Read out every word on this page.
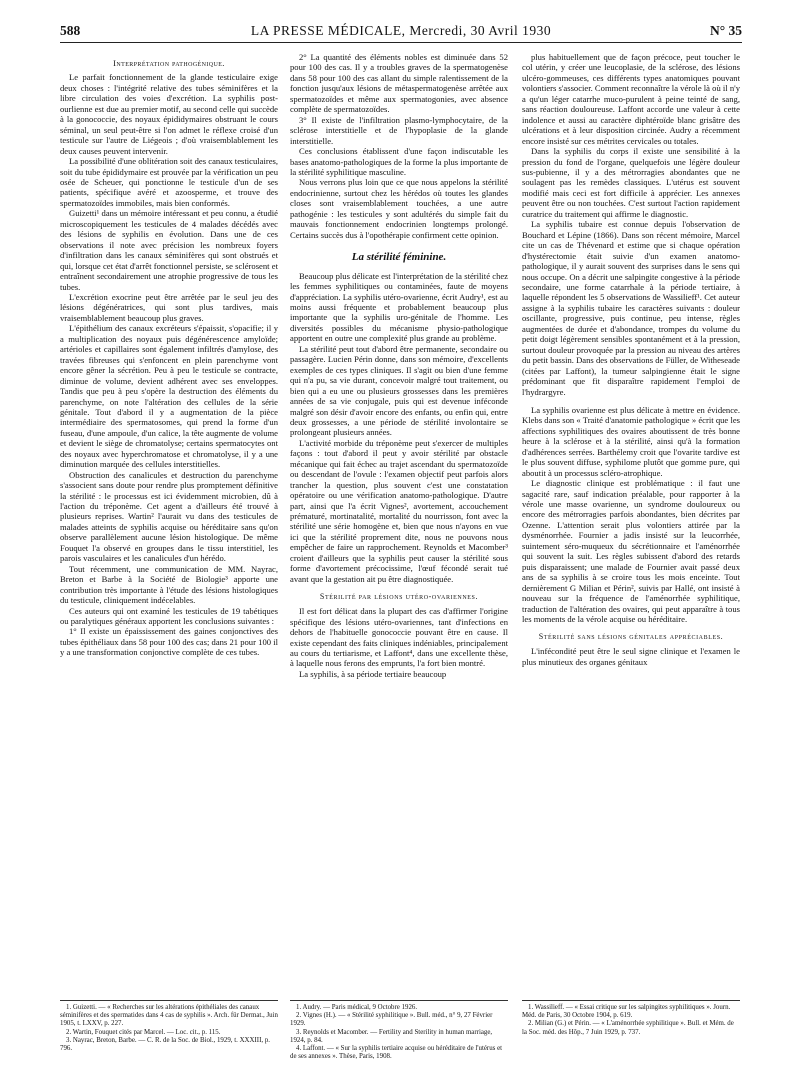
588	LA PRESSE MÉDICALE, Mercredi, 30 Avril 1930	N° 35
Interprétation pathogénique.

Le parfait fonctionnement de la glande testiculaire exige deux choses : l'intégrité relative des tubes séminifères et la libre circulation des voies d'excrétion. La syphilis post-ourlienne est due au premier motif, au second celle qui succède à la gonococcie, des noyaux épididymaires obstruant le cours séminal, un seul peut-être si l'on admet le réflexe croisé d'un testicule sur l'autre de Liégeois ; d'où vraisemblablement les deux causes peuvent intervenir.

La possibilité d'une oblitération soit des canaux testiculaires, soit du tube épididymaire est prouvée par la vérification un peu osée de Scheuer, qui ponctionne le testicule d'un de ses patients, spécifique avéré et azoosperme, et trouve des spermatozoïdes immobiles, mais bien conformés.

Guizetti¹ dans un mémoire intéressant et peu connu, a étudié microscopiquement les testicules de 4 malades décédés avec des lésions de syphilis en évolution. Dans une de ces observations il note avec précision les nombreux foyers d'infiltration dans les canaux séminifères qui sont obstrués et qui, lorsque cet état d'arrêt fonctionnel persiste, se sclérosent et entraînent secondairement une atrophie progressive de tous les tubes.

L'excrétion exocrine peut être arrêtée par le seul jeu des lésions dégénératrices, qui sont plus tardives, mais vraisemblablement beaucoup plus graves.

L'épithélium des canaux excréteurs s'épaissit, s'opacifie; il y a multiplication des noyaux puis dégénérescence amyloïde; artérioles et capillaires sont également infiltrés d'amylose, des travées fibreuses qui s'enfoncent en plein parenchyme vont encore gêner la sécrétion. Peu à peu le testicule se contracte, diminue de volume, devient adhérent avec ses enveloppes. Tandis que peu à peu s'opère la destruction des éléments du parenchyme, on note l'altération des cellules de la série génitale. Tout d'abord il y a augmentation de la pièce intermédiaire des spermatosomes, qui prend la forme d'un fuseau, d'une ampoule, d'un calice, la tête augmente de volume et devient le siège de chromatolyse; certains spermatocytes ont des noyaux avec hyperchromatose et chromatolyse, il y a une diminution marquée des cellules interstitielles.

Obstruction des canalicules et destruction du parenchyme s'associent sans doute pour rendre plus promptement définitive la stérilité : le processus est ici évidemment microbien, dû à l'action du tréponème. Cet agent a d'ailleurs été trouvé à plusieurs reprises. Wartin² l'aurait vu dans des testicules de malades atteints de syphilis acquise ou héréditaire sans qu'on observe parallèlement aucune lésion histologique. De même Fouquet l'a observé en groupes dans le tissu interstitiel, les parois vasculaires et les canalicules d'un hérédo.

Tout récemment, une communication de MM. Nayrac, Breton et Barbe à la Société de Biologie³ apporte une contribution très importante à l'étude des lésions histologiques du testicule, cliniquement indécelables.

Ces auteurs qui ont examiné les testicules de 19 tabétiques ou paralytiques généraux apportent les conclusions suivantes :

1° Il existe un épaississement des gaines conjonctives des tubes épithéliaux dans 58 pour 100 des cas; dans 21 pour 100 il y a une transformation conjonctive complète de ces tubes.

2° La quantité des éléments nobles est diminuée dans 52 pour 100 des cas. Il y a troubles graves de la spermatogenèse dans 58 pour 100 des cas allant du simple ralentissement de la fonction jusqu'aux lésions de métaspermatogenèse arrêtée aux spermatozoïdes et même aux spermatogonies, avec absence complète de spermatozoïdes.

3° Il existe de l'infiltration plasmo-lymphocytaire, de la sclérose interstitielle et de l'hypoplasie de la glande interstitielle.

Ces conclusions établissent d'une façon indiscutable les bases anatomo-pathologiques de la forme la plus importante de la stérilité syphilitique masculine.

Nous verrons plus loin que ce que nous appelons la stérilité endocrinienne, surtout chez les hérédos où toutes les glandes closes sont vraisemblablement touchées, a une autre pathogénie : les testicules y sont adultérés du simple fait du mauvais fonctionnement endocrinien longtemps prolongé. Certains succès dus à l'opothérapie confirment cette opinion.

La stérilité féminine.

Beaucoup plus délicate est l'interprétation de la stérilité chez les femmes syphilitiques ou contaminées, faute de moyens d'appréciation. La syphilis utéro-ovarienne, écrit Audry¹, est au moins aussi fréquente et probablement beaucoup plus importante que la syphilis uro-génitale de l'homme. Les diversités possibles du mécanisme physio-pathologique apportent en outre une complexité plus grande au problème.

La stérilité peut tout d'abord être permanente, secondaire ou passagère. Lucien Périn donne, dans son mémoire, d'excellents exemples de ces types cliniques. Il s'agit ou bien d'une femme qui n'a pu, sa vie durant, concevoir malgré tout traitement, ou bien qui a eu une ou plusieurs grossesses dans les premières années de sa vie conjugale, puis qui est devenue inféconde malgré son désir d'avoir encore des enfants, ou enfin qui, entre deux grossesses, a une période de stérilité involontaire se prolongeant plusieurs années.

L'activité morbide du tréponème peut s'exercer de multiples façons : tout d'abord il peut y avoir stérilité par obstacle mécanique qui fait échec au trajet ascendant du spermatozoïde ou descendant de l'ovule : l'examen objectif peut parfois alors trancher la question, plus souvent c'est une constatation opératoire ou une vérification anatomo-pathologique. D'autre part, ainsi que l'a écrit Vignes², avortement, accouchement prématuré, mortinatalité, mortalité du nourrisson, font avec la stérilité une série homogène et, bien que nous n'ayons en vue ici que la stérilité proprement dite, nous ne pouvons nous empêcher de faire un rapprochement. Reynolds et Macomber³ croient d'ailleurs que la syphilis peut causer la stérilité sous forme d'avortement précocissime, l'œuf fécondé serait tué avant que la gestation ait pu être diagnostiquée.

Stérilité par lésions utéro-ovariennes.

Il est fort délicat dans la plupart des cas d'affirmer l'origine spécifique des lésions utéro-ovariennes, tant d'infections en dehors de l'habituelle gonococcie pouvant être en cause. Il existe cependant des faits cliniques indéniables, principalement au cours du tertiarisme, et Laffont⁴, dans une excellente thèse, à laquelle nous ferons des emprunts, l'a fort bien montré.

La syphilis, à sa période tertiaire beaucoup

plus habituellement que de façon précoce, peut toucher le col utérin, y créer une leucoplasie, de la sclérose, des lésions ulcéro-gommeuses, ces différents types anatomiques pouvant volontiers s'associer. Comment reconnaître la vérole là où il n'y a qu'un léger catarrhe muco-purulent à peine teinté de sang, sans réaction douloureuse. Laffont accorde une valeur à cette indolence et aussi au caractère diphtéroïde blanc grisâtre des ulcérations et à leur disposition circinée. Audry a récemment encore insisté sur ces métrites cervicales ou totales.

Dans la syphilis du corps il existe une sensibilité à la pression du fond de l'organe, quelquefois une légère douleur sus-pubienne, il y a des métrorragies abondantes que ne soulagent pas les remèdes classiques. L'utérus est souvent modifié mais ceci est fort difficile à apprécier. Les annexes peuvent être ou non touchées. C'est surtout l'action rapidement curatrice du traitement qui affirme le diagnostic.

La syphilis tubaire est connue depuis l'observation de Bouchard et Lépine (1866). Dans son récent mémoire, Marcel cite un cas de Thévenard et estime que si chaque opération d'hystérectomie était suivie d'un examen anatomo-pathologique, il y aurait souvent des surprises dans le sens qui nous occupe. On a décrit une salpingite congestive à la période secondaire, une forme catarrhale à la période tertiaire, à laquelle répondent les 5 observations de Wassilieff¹. Cet auteur assigne à la syphilis tubaire les caractères suivants : douleur oscillante, progressive, puis continue, peu intense, règles augmentées de durée et d'abondance, trompes du volume du petit doigt légèrement sensibles spontanément et à la pression, surtout douleur provoquée par la pression au niveau des artères du petit bassin. Dans des observations de Füller, de Witheseade (citées par Laffont), la tumeur salpingienne était le signe prédominant que fit disparaître rapidement l'emploi de l'hydrargyre.

La syphilis ovarienne est plus délicate à mettre en évidence. Klebs dans son « Traité d'anatomie pathologique » écrit que les affections syphilitiques des ovaires aboutissent de très bonne heure à la sclérose et à la stérilité, ainsi qu'à la formation d'adhérences serrées. Barthélemy croit que l'ovarite tardive est le plus souvent diffuse, syphilome plutôt que gomme pure, qui aboutit à un processus scléro-atrophique.

Le diagnostic clinique est problématique : il faut une sagacité rare, sauf indication préalable, pour rapporter à la vérole une masse ovarienne, un syndrome douloureux ou encore des métrorragies parfois abondantes, bien décrites par Ozenne. L'attention serait plus volontiers attirée par la dysménorrhée. Fournier a jadis insisté sur la leucorrhée, suintement séro-muqueux du sécrétionnaire et l'aménorrhée qui souvent la suit. Les règles subissent d'abord des retards puis disparaissent; une malade de Fournier avait passé deux ans de sa syphilis à se croire tous les mois enceinte. Tout dernièrement G Milian et Périn², suivis par Hallé, ont insisté à nouveau sur la fréquence de l'aménorrhée syphilitique, traduction de l'altération des ovaires, qui peut apparaître à tous les moments de la vérole acquise ou héréditaire.

Stérilité sans lésions génitales appréciables.

L'infécondité peut être le seul signe clinique et l'examen le plus minutieux des organes génitaux

1. Guizetti. — « Recherches sur les altérations épithéliales des canaux séminifères et des spermatides dans 4 cas de syphilis ». Arch. für Dermat., Juin 1905, t. LXXV, p. 227.

2. Wartin, Fouquet cités par Marcel. — Loc. cit., p. 115.

3. Nayrac, Breton, Barbe. — C. R. de la Soc. de Biol., 1929, t. XXXIII, p. 796.

1. Audry. — Paris médical, 9 Octobre 1926.

2. Vignes (H.). — « Stérilité syphilitique ». Bull. méd., n° 9, 27 Février 1929.

3. Reynolds et Macomber. — Fertility and Sterility in human marriage, 1924, p. 84.

4. Laffont. — « Sur la syphilis tertiaire acquise ou héréditaire de l'utérus et de ses annexes ». Thèse, Paris, 1908.

1. Wassilieff. — « Essai critique sur les salpingites syphilitiques ». Journ. Méd. de Paris, 30 Octobre 1904, p. 619.

2. Milian (G.) et Périn. — « L'aménorrhée syphilitique ». Bull. et Mém. de la Soc. méd. des Hôp., 7 Juin 1929, p. 737.
